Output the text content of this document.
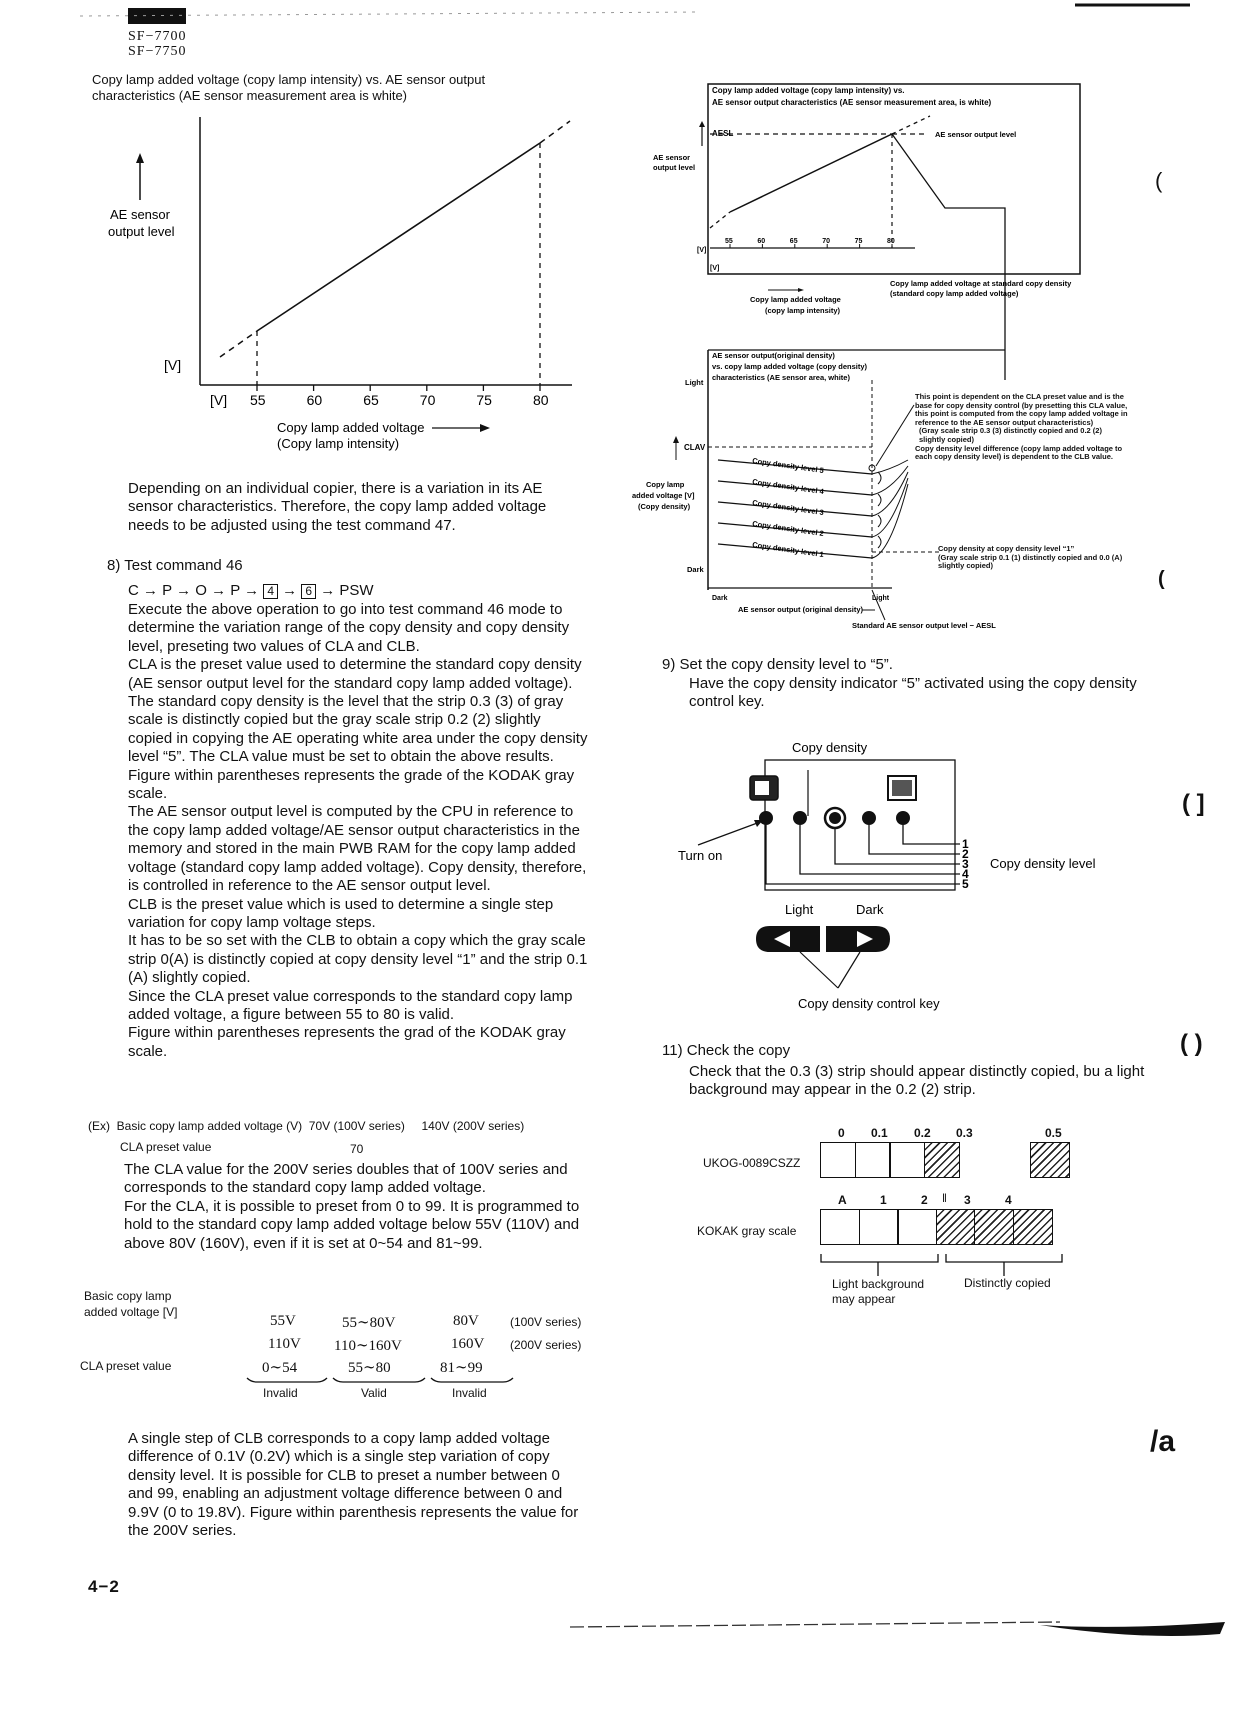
SF−7700
SF−7750
Copy lamp added voltage (copy lamp intensity) vs. AE sensor output
characteristics (AE sensor measurement area is white)
AE sensor
output level
[V]
55	60	65	70	75	80
[V]
Copy lamp added voltage
(Copy lamp intensity)

Depending on an individual copier, there is a variation in its AE sensor characteristics. Therefore, the copy lamp added voltage needs to be adjusted using the test command 47.

8) Test command 46
C → P → O → P → 4 → 6 → PSW

Execute the above operation to go into test command 46 mode to determine the variation range of the copy density and copy density level, preseting two values of CLA and CLB.

CLA is the preset value used to determine the standard copy density (AE sensor output level for the standard copy lamp added voltage).

The standard copy density is the level that the strip 0.3 (3) of gray scale is distinctly copied but the gray scale strip 0.2 (2) slightly copied in copying the AE operating white area under the copy density level “5”. The CLA value must be set to obtain the above results. Figure within parentheses represents the grade of the KODAK gray scale.

The AE sensor output level is computed by the CPU in reference to the copy lamp added voltage/AE sensor output characteristics in the memory and stored in the main PWB RAM for the copy lamp added voltage (standard copy lamp added voltage). Copy density, therefore, is controlled in reference to the AE sensor output level.

CLB is the preset value which is used to determine a single step variation for copy lamp voltage steps.

It has to be so set with the CLB to obtain a copy which the gray scale strip 0(A) is distinctly copied at copy density level “1” and the strip 0.1 (A) slightly copied.

Since the CLA preset value corresponds to the standard copy lamp added voltage, a figure between 55 to 80 is valid.

Figure within parentheses represents the grad of the KODAK gray scale.

(Ex)  Basic copy lamp added voltage (V)  70V (100V series)     140V (200V series)
CLA preset value	70

The CLA value for the 200V series doubles that of 100V series and corresponds to the standard copy lamp added voltage.

For the CLA, it is possible to preset from 0 to 99. It is programmed to hold to the standard copy lamp added voltage below 55V (110V) and above 80V (160V), even if it is set at 0~54 and 81~99.

Basic copy lamp
added voltage [V]
55V	55∼80V	80V	(100V series)
110V 110∼160V	160V (200V series)
CLA preset value	0∼54	55∼80	81∼99
Invalid	Valid	Invalid

A single step of CLB corresponds to a copy lamp added voltage difference of 0.1V (0.2V) which is a single step variation of copy density level. It is possible for CLB to preset a number between 0 and 99, enabling an adjustment voltage difference between 0 and 9.9V (0 to 19.8V). Figure within parenthesis represents the value for the 200V series.

4−2
Copy lamp added voltage (copy lamp intensity) vs.
AE sensor output characteristics (AE sensor measurement area, is white)
AESL
AE sensor
output level
AE sensor output level
[V]
[V]
55	60	65	70	75	80
Copy lamp added voltage
(copy lamp intensity)
Copy lamp added voltage at standard copy density
(standard copy lamp added voltage)
AE sensor output(original density)
vs. copy lamp added voltage (copy density)
characteristics (AE sensor area, white)
Light
Dark
CLAV
Copy lamp
added voltage [V]
(Copy density)
Copy density level 5
Copy density level 4
Copy density level 3
Copy density level 2
Copy density level 1
Dark	Light
AE sensor output (original density)
Standard AE sensor output level − AESL
This point is dependent on the CLA preset value and is the base for copy density control (by presetting this CLA value, this point is computed from the copy lamp added voltage in reference to the AE sensor output characteristics)
(Gray scale strip 0.3 (3) distinctly copied and 0.2 (2) slightly copied)
Copy density level difference (copy lamp added voltage to each copy density level) is dependent to the CLB value.
Copy density at copy density level “1”
(Gray scale strip 0.1 (1) distinctly copied and 0.0 (A) slightly copied)
9) Set the copy density level to “5”.
Have the copy density indicator “5” activated using the copy density control key.
Copy density
Turn on
1
2
3
4
5
Copy density level
Light	Dark
Copy density control key
11) Check the copy
Check that the 0.3 (3) strip should appear distinctly copied, bu a light background may appear in the 0.2 (2) strip.
0 0.1 0.2 0.3	0.5
UKOG-0089CSZZ
A	1	2 ‖ 3	4
KOKAK gray scale
Light background
may appear
Distinctly copied
(
(
( ]
( )
/a
